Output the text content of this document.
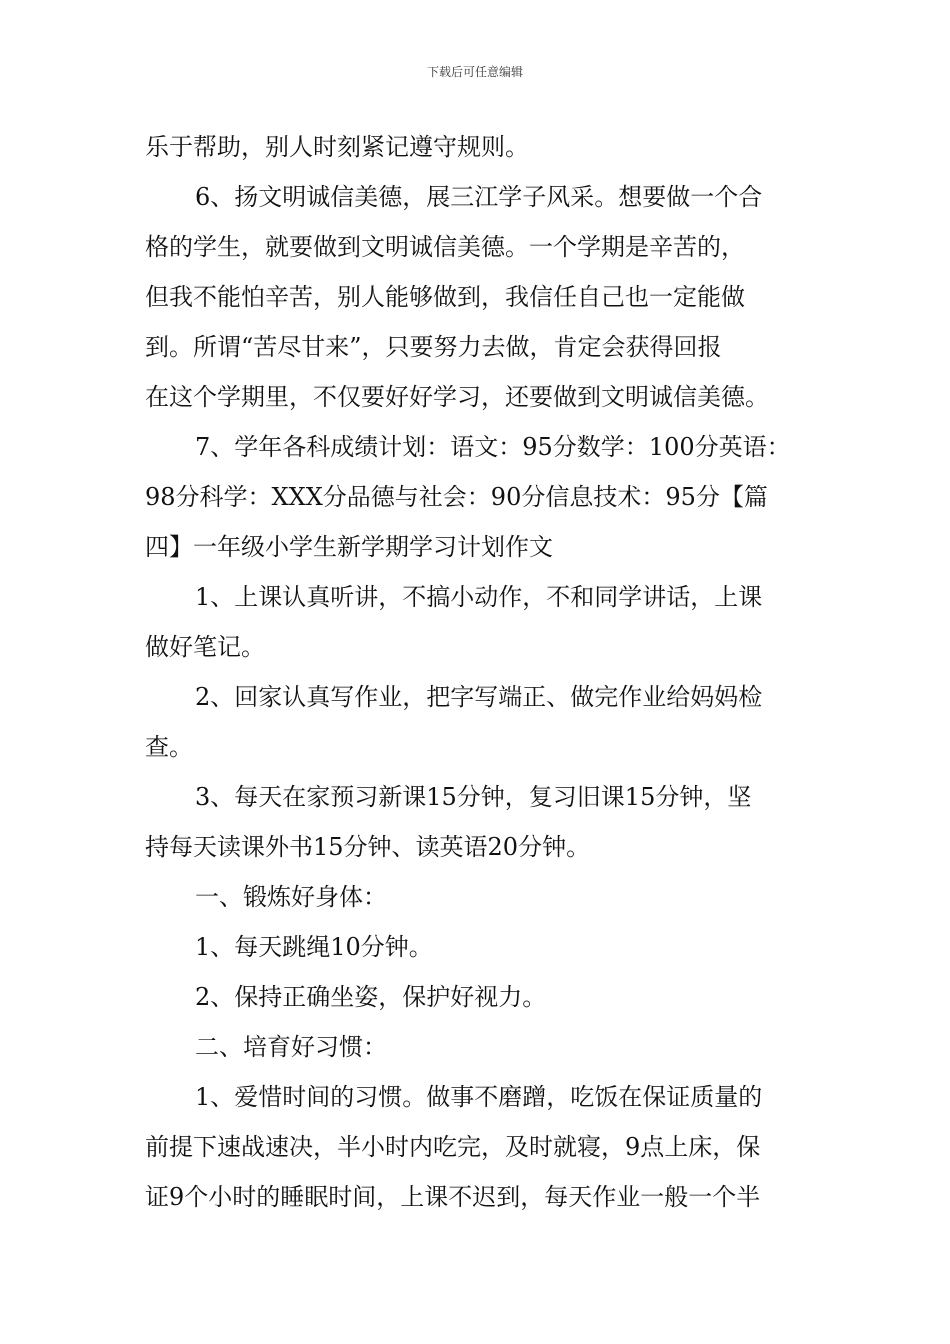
下载后可任意编辑
乐于帮助，别人时刻紧记遵守规则。
6、扬文明诚信美德，展三江学子风采。想要做一个合
格的学生，就要做到文明诚信美德。一个学期是辛苦的，
但我不能怕辛苦，别人能够做到，我信任自己也一定能做
到。所谓“苦尽甘来”，只要努力去做，肯定会获得回报
在这个学期里，不仅要好好学习，还要做到文明诚信美德。
7、学年各科成绩计划：语文：95分数学：100分英语：
98分科学：XXX分品德与社会：90分信息技术：95分【篇
四】一年级小学生新学期学习计划作文
1、上课认真听讲，不搞小动作，不和同学讲话，上课
做好笔记。
2、回家认真写作业，把字写端正、做完作业给妈妈检
查。
3、每天在家预习新课15分钟，复习旧课15分钟，坚
持每天读课外书15分钟、读英语20分钟。
一、锻炼好身体：
1、每天跳绳10分钟。
2、保持正确坐姿，保护好视力。
二、培育好习惯：
1、爱惜时间的习惯。做事不磨蹭，吃饭在保证质量的
前提下速战速决，半小时内吃完，及时就寝，9点上床，保
证9个小时的睡眠时间，上课不迟到，每天作业一般一个半
